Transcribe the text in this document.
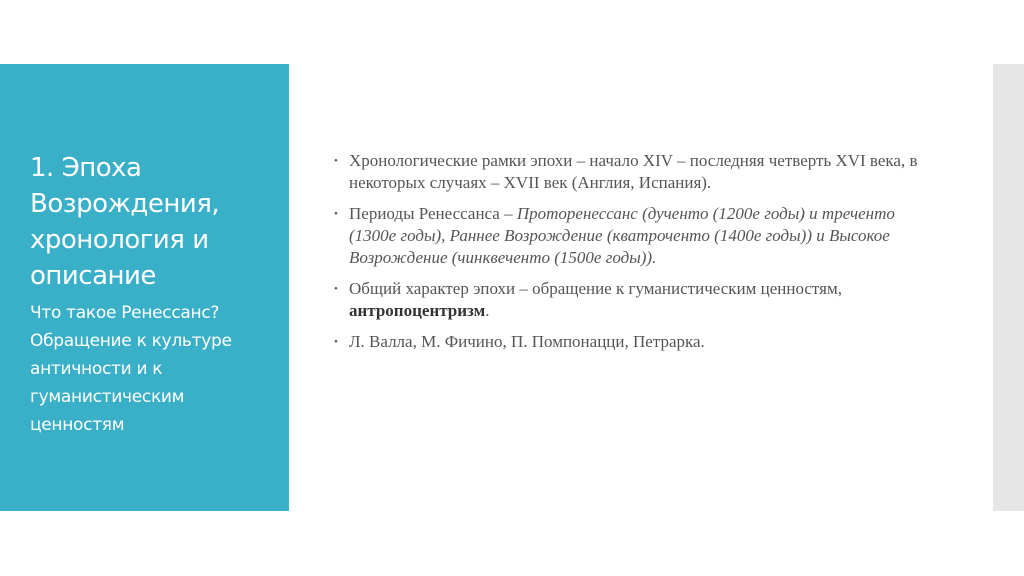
1. Эпоха Возрождения, хронология и описание

Что такое Ренессанс? Обращение к культуре античности и к гуманистическим ценностям

• Хронологические рамки эпохи – начало XIV – последняя четверть XVI века, в некоторых случаях – XVII век (Англия, Испания).
• Периоды Ренессанса – Проторенессанс (дученто (1200е годы) и треченто (1300е годы), Раннее Возрождение (кватроченто (1400е годы)) и Высокое Возрождение (чинквеченто (1500е годы)).
• Общий характер эпохи – обращение к гуманистическим ценностям, антропоцентризм.
• Л. Валла, М. Фичино, П. Помпонацци, Петрарка.
